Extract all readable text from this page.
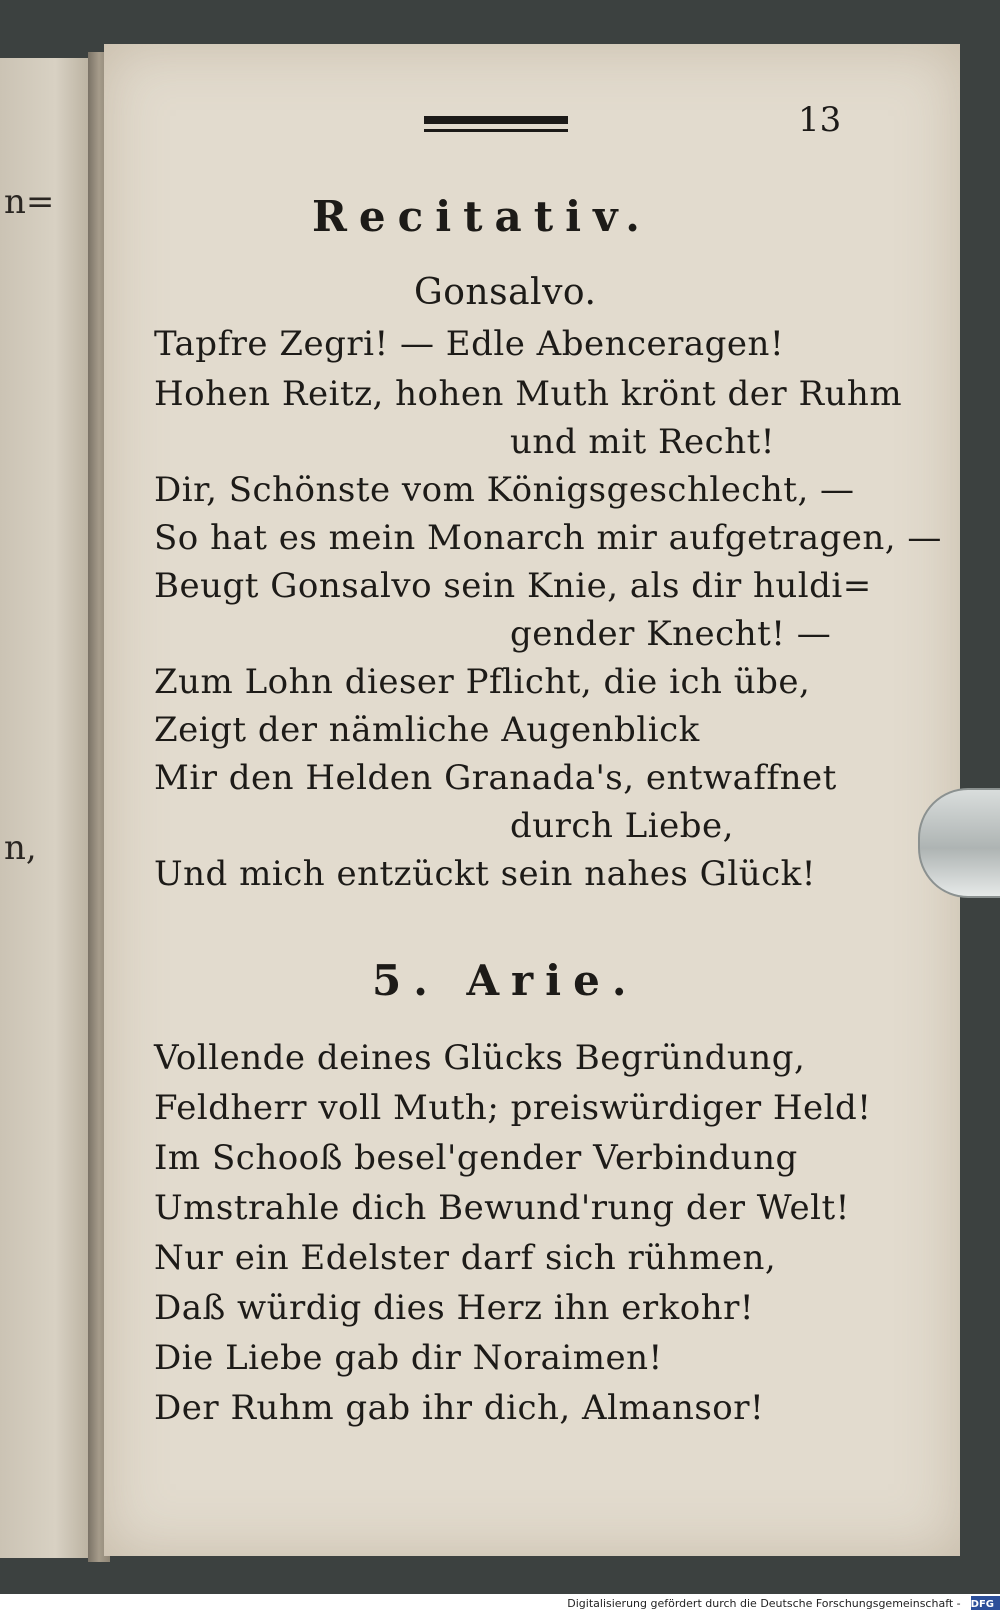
n=
n,
13
Recitativ.
Gonsalvo.
Tapfre Zegri! — Edle Abenceragen!
Hohen Reitz, hohen Muth krönt der Ruhm
und mit Recht!
Dir, Schönste vom Königsgeschlecht, —
So hat es mein Monarch mir aufgetragen, —
Beugt Gonsalvo sein Knie, als dir huldi=
gender Knecht! —
Zum Lohn dieser Pflicht, die ich übe,
Zeigt der nämliche Augenblick
Mir den Helden Granada's, entwaffnet
durch Liebe,
Und mich entzückt sein nahes Glück!
5. Arie.
Vollende deines Glücks Begründung,
Feldherr voll Muth; preiswürdiger Held!
Im Schooß besel'gender Verbindung
Umstrahle dich Bewund'rung der Welt!
Nur ein Edelster darf sich rühmen,
Daß würdig dies Herz ihn erkohr!
Die Liebe gab dir Noraimen!
Der Ruhm gab ihr dich, Almansor!
Digitalisierung gefördert durch die Deutsche Forschungsgemeinschaft - DFG
